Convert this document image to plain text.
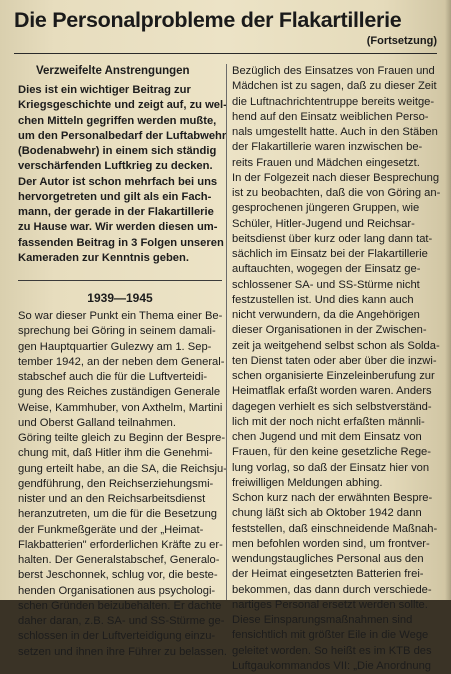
Die Personalprobleme der Flakartillerie
(Fortsetzung)
Verzweifelte Anstrengungen
Dies ist ein wichtiger Beitrag zur
Kriegsgeschichte und zeigt auf, zu wel-
chen Mitteln gegriffen werden mußte,
um den Personalbedarf der Luftabwehr
(Bodenabwehr) in einem sich ständig
verschärfenden Luftkrieg zu decken.
Der Autor ist schon mehrfach bei uns
hervorgetreten und gilt als ein Fach-
mann, der gerade in der Flakartillerie
zu Hause war. Wir werden diesen um-
fassenden Beitrag in 3 Folgen unseren
Kameraden zur Kenntnis geben.
1939—1945
So war dieser Punkt ein Thema einer Be-
sprechung bei Göring in seinem damali-
gen Hauptquartier Gulezwy am 1. Sep-
tember 1942, an der neben dem General-
stabschef auch die für die Luftverteidi-
gung des Reiches zuständigen Generale
Weise, Kammhuber, von Axthelm, Martini
und Oberst Galland teilnahmen.
Göring teilte gleich zu Beginn der Bespre-
chung mit, daß Hitler ihm die Genehmi-
gung erteilt habe, an die SA, die Reichsju-
gendführung, den Reichserziehungsmi-
nister und an den Reichsarbeitsdienst
heranzutreten, um die für die Besetzung
der Funkmeßgeräte und der „Heimat-
Flakbatterien" erforderlichen Kräfte zu er-
halten. Der Generalstabschef, Generalo-
berst Jeschonnek, schlug vor, die beste-
henden Organisationen aus psychologi-
schen Gründen beizubehalten. Er dachte
daher daran, z.B. SA- und SS-Stürme ge-
schlossen in der Luftverteidigung einzu-
setzen und ihnen ihre Führer zu belassen.
Bezüglich des Einsatzes von Frauen und
Mädchen ist zu sagen, daß zu dieser Zeit
die Luftnachrichtentruppe bereits weitge-
hend auf den Einsatz weiblichen Perso-
nals umgestellt hatte. Auch in den Stäben
der Flakartillerie waren inzwischen be-
reits Frauen und Mädchen eingesetzt.
In der Folgezeit nach dieser Besprechung
ist zu beobachten, daß die von Göring an-
gesprochenen jüngeren Gruppen, wie
Schüler, Hitler-Jugend und Reichsar-
beitsdienst über kurz oder lang dann tat-
sächlich im Einsatz bei der Flakartillerie
auftauchten, wogegen der Einsatz ge-
schlossener SA- und SS-Stürme nicht
festzustellen ist. Und dies kann auch
nicht verwundern, da die Angehörigen
dieser Organisationen in der Zwischen-
zeit ja weitgehend selbst schon als Solda-
ten Dienst taten oder aber über die inzwi-
schen organisierte Einzeleinberufung zur
Heimatflak erfaßt worden waren. Anders
dagegen verhielt es sich selbstverständ-
lich mit der noch nicht erfaßten männli-
chen Jugend und mit dem Einsatz von
Frauen, für den keine gesetzliche Rege-
lung vorlag, so daß der Einsatz hier von
freiwilligen Meldungen abhing.
Schon kurz nach der erwähnten Bespre-
chung läßt sich ab Oktober 1942 dann
feststellen, daß einschneidende Maßnah-
men befohlen worden sind, um frontver-
wendungstaugliches Personal aus den
der Heimat eingesetzten Batterien frei-
bekommen, das dann durch verschiede-
nartiges Personal ersetzt werden sollte.
Diese Einsparungsmaßnahmen sind
fensichtlich mit größter Eile in die Wege
geleitet worden. So heißt es im KTB des
Luftgaukommandos VII: „Die Anordnung
